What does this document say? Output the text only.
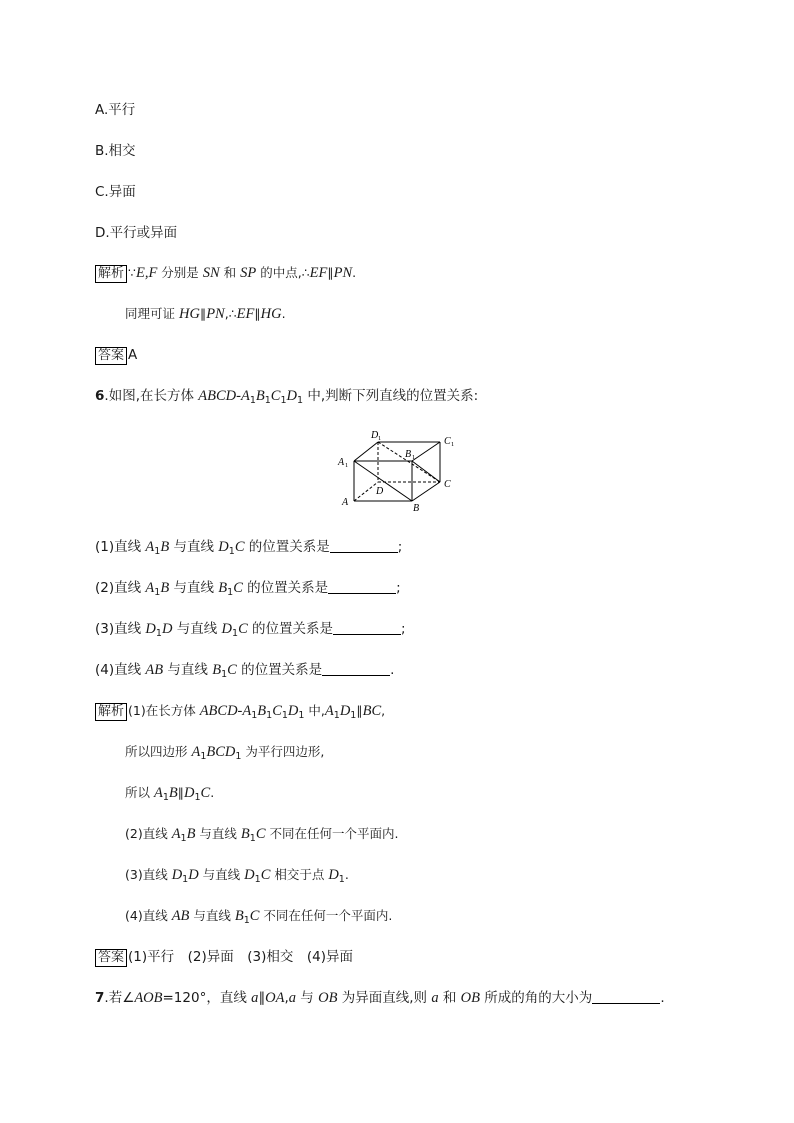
A.平行
B.相交
C.异面
D.平行或异面
解析 ∵E,F 分别是 SN 和 SP 的中点,∴EF∥PN.
同理可证 HG∥PN,∴EF∥HG.
答案 A
6.如图,在长方体 ABCD-$A_1B_1C_1D_1$ 中,判断下列直线的位置关系:
D 1	C 1
A 1
B 1
D
C
A
B
(1)直线 $A_1B$ 与直线 $D_1C$ 的位置关系是	;
(2)直线 $A_1B$ 与直线 $B_1C$ 的位置关系是	;
(3)直线 $D_1D$ 与直线 $D_1C$ 的位置关系是	;
(4)直线 AB 与直线 $B_1C$ 的位置关系是	.
解析 (1)在长方体 ABCD-$A_1B_1C_1D_1$ 中$,A_1D_1\parallel BC$,
所以四边形 $A_1BCD_1$ 为平行四边形,
所以 $A_1B\parallel D_1C$.
(2)直线 $A_1B$ 与直线 $B_1C$ 不同在任何一个平面内.
(3)直线 $D_1D$ 与直线 $D_1C$ 相交于点 $D_1$.
(4)直线 AB 与直线 $B_1C$ 不同在任何一个平面内.
答案 (1)平行　(2)异面　(3)相交　(4)异面
7.若∠AOB=120°，直线 a∥OA,a 与 OB 为异面直线,则 a 和 OB 所成的角的大小为	.
